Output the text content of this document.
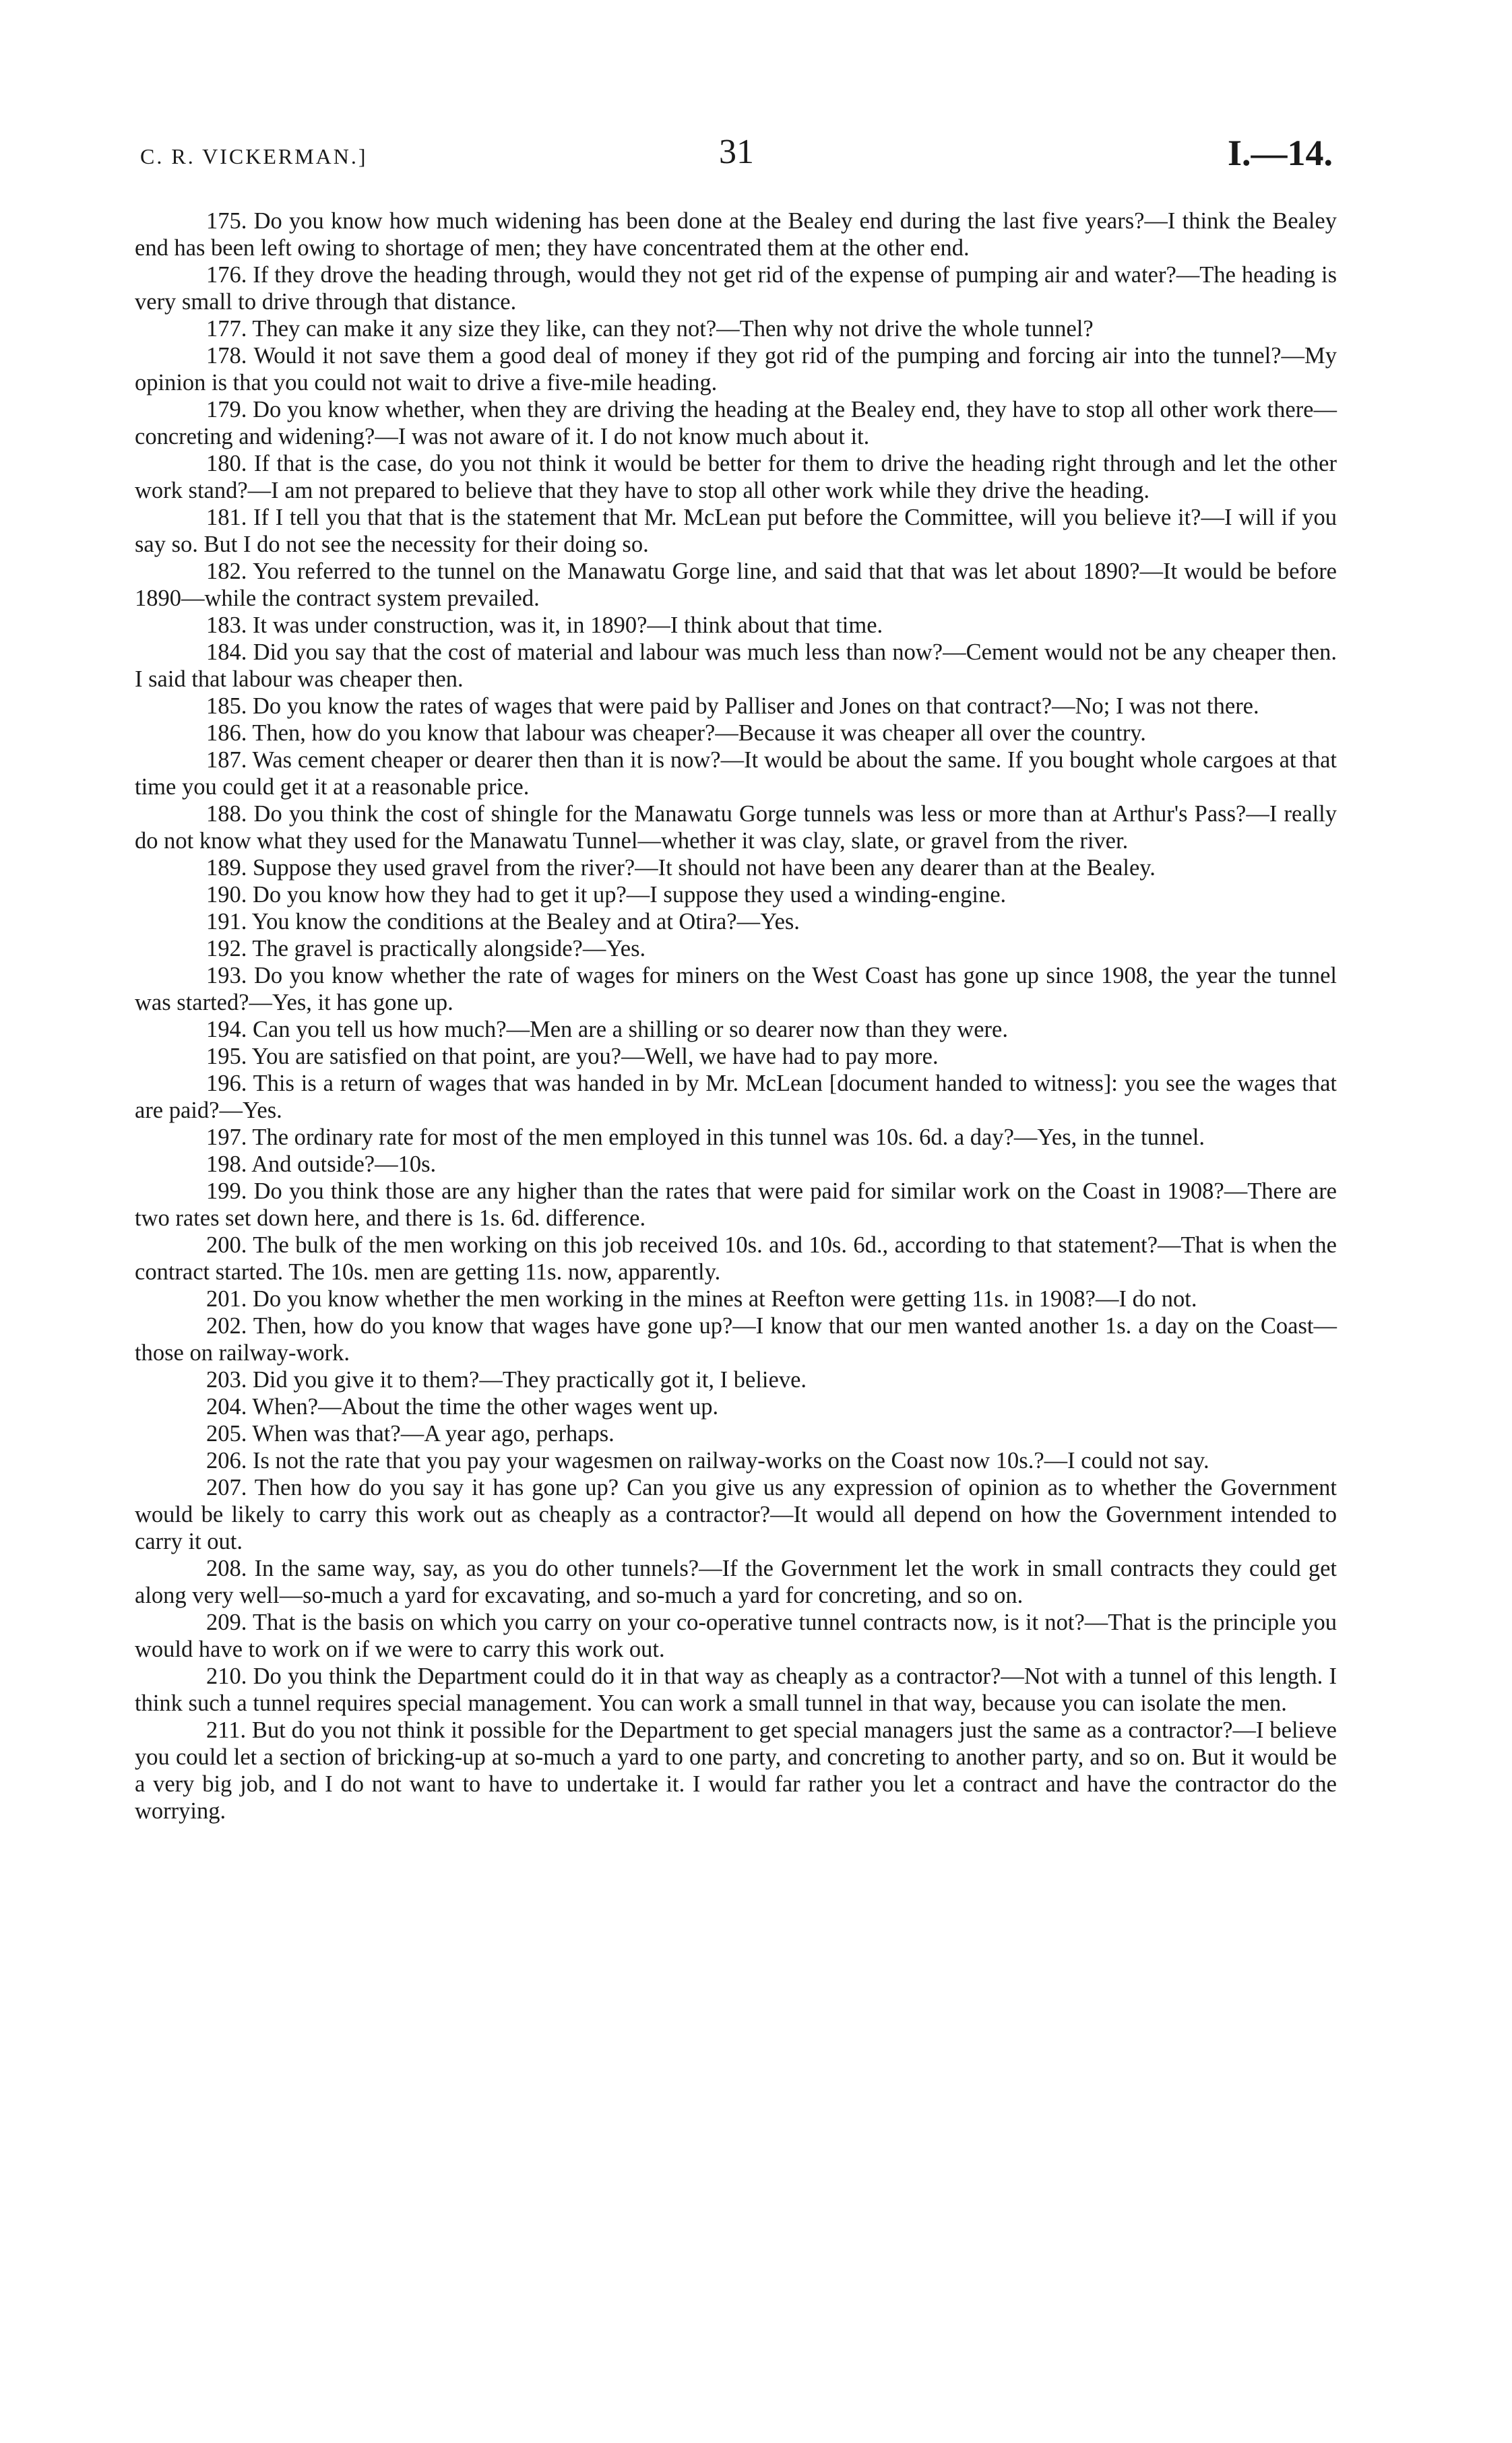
C. R. VICKERMAN.]	31	I.—14.

175. Do you know how much widening has been done at the Bealey end during the last five years?—I think the Bealey end has been left owing to shortage of men; they have concentrated them at the other end.

176. If they drove the heading through, would they not get rid of the expense of pumping air and water?—The heading is very small to drive through that distance.

177. They can make it any size they like, can they not?—Then why not drive the whole tunnel?

178. Would it not save them a good deal of money if they got rid of the pumping and forcing air into the tunnel?—My opinion is that you could not wait to drive a five-mile heading.

179. Do you know whether, when they are driving the heading at the Bealey end, they have to stop all other work there—concreting and widening?—I was not aware of it. I do not know much about it.

180. If that is the case, do you not think it would be better for them to drive the heading right through and let the other work stand?—I am not prepared to believe that they have to stop all other work while they drive the heading.

181. If I tell you that that is the statement that Mr. McLean put before the Committee, will you believe it?—I will if you say so. But I do not see the necessity for their doing so.

182. You referred to the tunnel on the Manawatu Gorge line, and said that that was let about 1890?—It would be before 1890—while the contract system prevailed.

183. It was under construction, was it, in 1890?—I think about that time.

184. Did you say that the cost of material and labour was much less than now?—Cement would not be any cheaper then. I said that labour was cheaper then.

185. Do you know the rates of wages that were paid by Palliser and Jones on that contract?—No; I was not there.

186. Then, how do you know that labour was cheaper?—Because it was cheaper all over the country.

187. Was cement cheaper or dearer then than it is now?—It would be about the same. If you bought whole cargoes at that time you could get it at a reasonable price.

188. Do you think the cost of shingle for the Manawatu Gorge tunnels was less or more than at Arthur's Pass?—I really do not know what they used for the Manawatu Tunnel—whether it was clay, slate, or gravel from the river.

189. Suppose they used gravel from the river?—It should not have been any dearer than at the Bealey.

190. Do you know how they had to get it up?—I suppose they used a winding-engine.

191. You know the conditions at the Bealey and at Otira?—Yes.

192. The gravel is practically alongside?—Yes.

193. Do you know whether the rate of wages for miners on the West Coast has gone up since 1908, the year the tunnel was started?—Yes, it has gone up.

194. Can you tell us how much?—Men are a shilling or so dearer now than they were.

195. You are satisfied on that point, are you?—Well, we have had to pay more.

196. This is a return of wages that was handed in by Mr. McLean [document handed to witness]: you see the wages that are paid?—Yes.

197. The ordinary rate for most of the men employed in this tunnel was 10s. 6d. a day?—Yes, in the tunnel.

198. And outside?—10s.

199. Do you think those are any higher than the rates that were paid for similar work on the Coast in 1908?—There are two rates set down here, and there is 1s. 6d. difference.

200. The bulk of the men working on this job received 10s. and 10s. 6d., according to that statement?—That is when the contract started. The 10s. men are getting 11s. now, apparently.

201. Do you know whether the men working in the mines at Reefton were getting 11s. in 1908?—I do not.

202. Then, how do you know that wages have gone up?—I know that our men wanted another 1s. a day on the Coast—those on railway-work.

203. Did you give it to them?—They practically got it, I believe.

204. When?—About the time the other wages went up.

205. When was that?—A year ago, perhaps.

206. Is not the rate that you pay your wagesmen on railway-works on the Coast now 10s.?—I could not say.

207. Then how do you say it has gone up? Can you give us any expression of opinion as to whether the Government would be likely to carry this work out as cheaply as a contractor?—It would all depend on how the Government intended to carry it out.

208. In the same way, say, as you do other tunnels?—If the Government let the work in small contracts they could get along very well—so-much a yard for excavating, and so-much a yard for concreting, and so on.

209. That is the basis on which you carry on your co-operative tunnel contracts now, is it not?—That is the principle you would have to work on if we were to carry this work out.

210. Do you think the Department could do it in that way as cheaply as a contractor?—Not with a tunnel of this length. I think such a tunnel requires special management. You can work a small tunnel in that way, because you can isolate the men.

211. But do you not think it possible for the Department to get special managers just the same as a contractor?—I believe you could let a section of bricking-up at so-much a yard to one party, and concreting to another party, and so on. But it would be a very big job, and I do not want to have to undertake it. I would far rather you let a contract and have the contractor do the worrying.
